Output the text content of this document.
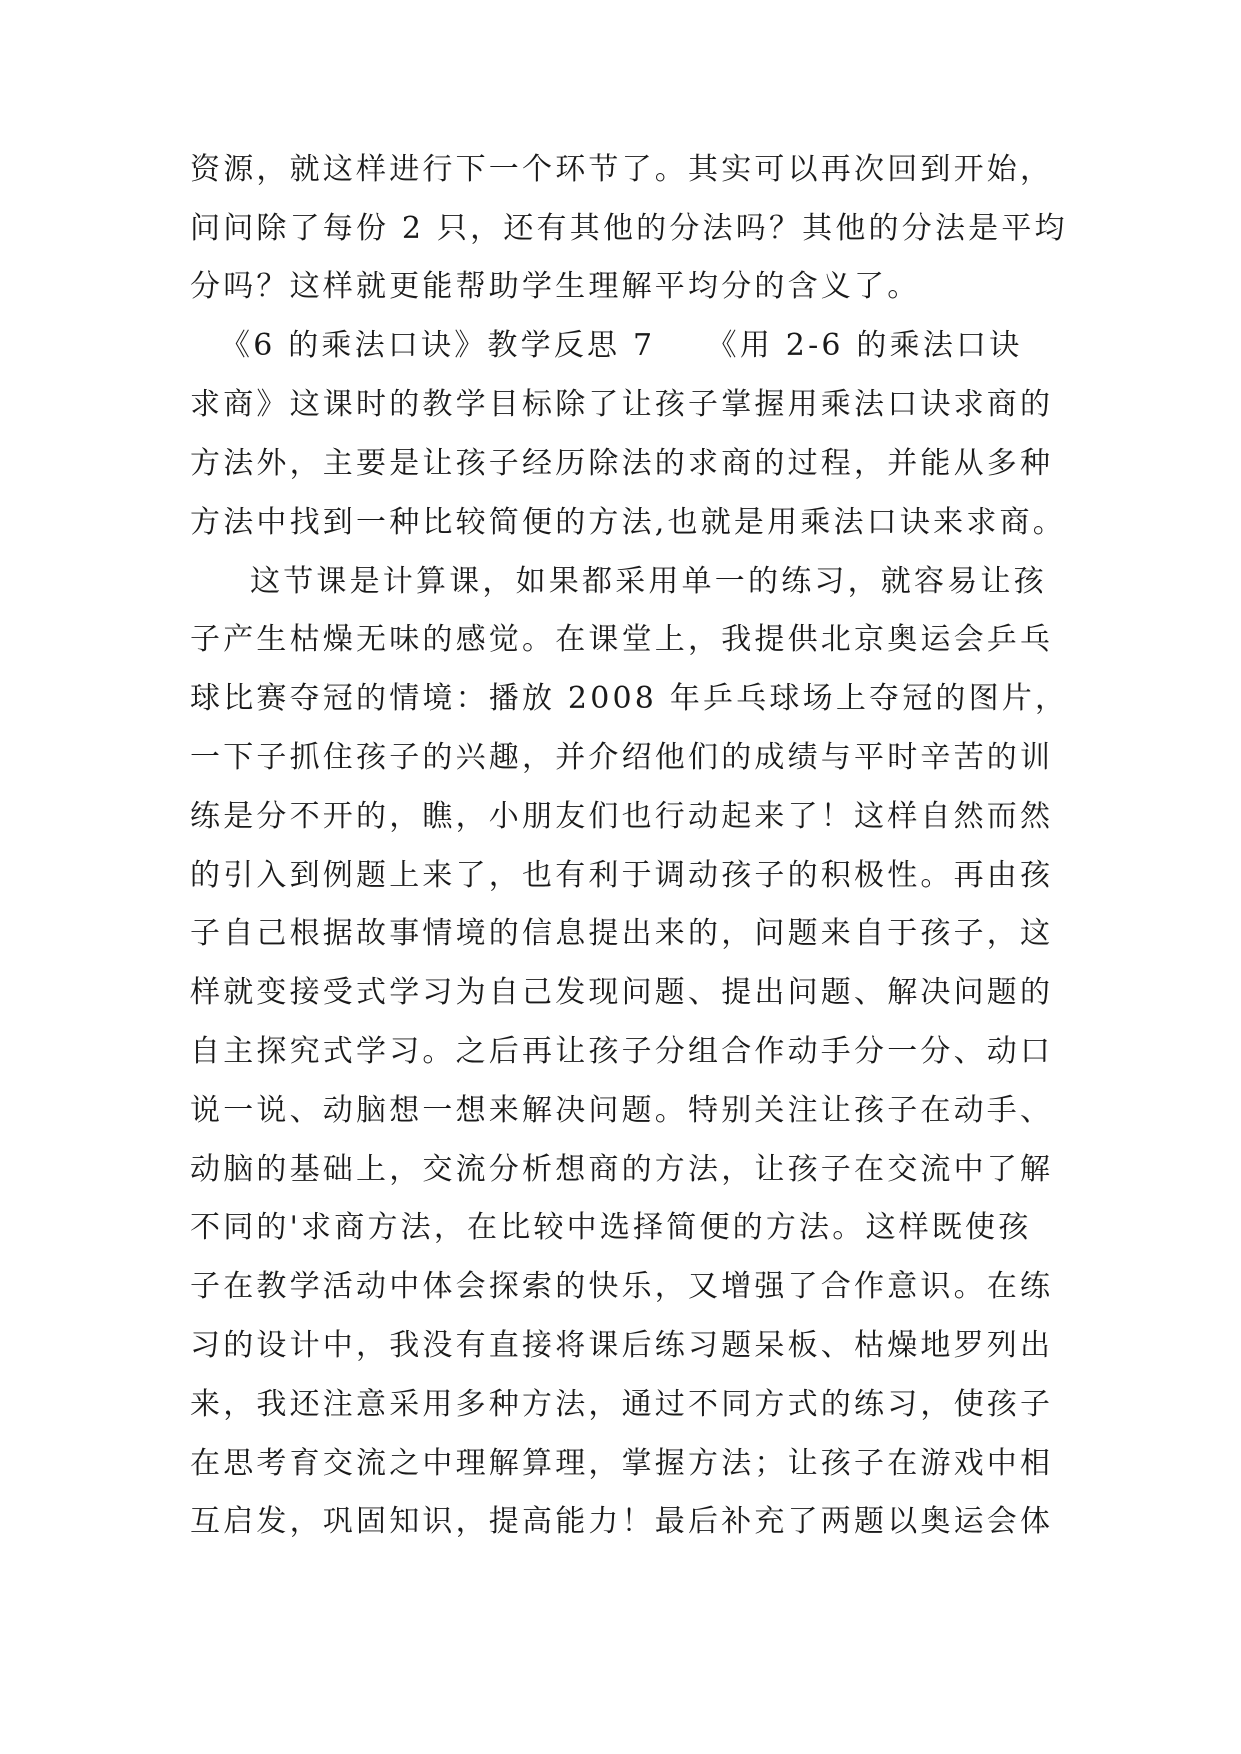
资源，就这样进行下一个环节了。其实可以再次回到开始，
问问除了每份 2 只，还有其他的分法吗？其他的分法是平均
分吗？这样就更能帮助学生理解平均分的含义了。
《6 的乘法口诀》教学反思 7　　《用 2-6 的乘法口诀
求商》这课时的教学目标除了让孩子掌握用乘法口诀求商的
方法外，主要是让孩子经历除法的求商的过程，并能从多种
方法中找到一种比较简便的方法,也就是用乘法口诀来求商。
这节课是计算课，如果都采用单一的练习，就容易让孩
子产生枯燥无味的感觉。在课堂上，我提供北京奥运会乒乓
球比赛夺冠的情境：播放 2008 年乒乓球场上夺冠的图片，
一下子抓住孩子的兴趣，并介绍他们的成绩与平时辛苦的训
练是分不开的，瞧，小朋友们也行动起来了！这样自然而然
的引入到例题上来了，也有利于调动孩子的积极性。再由孩
子自己根据故事情境的信息提出来的，问题来自于孩子，这
样就变接受式学习为自己发现问题、提出问题、解决问题的
自主探究式学习。之后再让孩子分组合作动手分一分、动口
说一说、动脑想一想来解决问题。特别关注让孩子在动手、
动脑的基础上，交流分析想商的方法，让孩子在交流中了解
不同的'求商方法，在比较中选择简便的方法。这样既使孩
子在教学活动中体会探索的快乐，又增强了合作意识。在练
习的设计中，我没有直接将课后练习题呆板、枯燥地罗列出
来，我还注意采用多种方法，通过不同方式的练习，使孩子
在思考育交流之中理解算理，掌握方法；让孩子在游戏中相
互启发，巩固知识，提高能力！最后补充了两题以奥运会体
